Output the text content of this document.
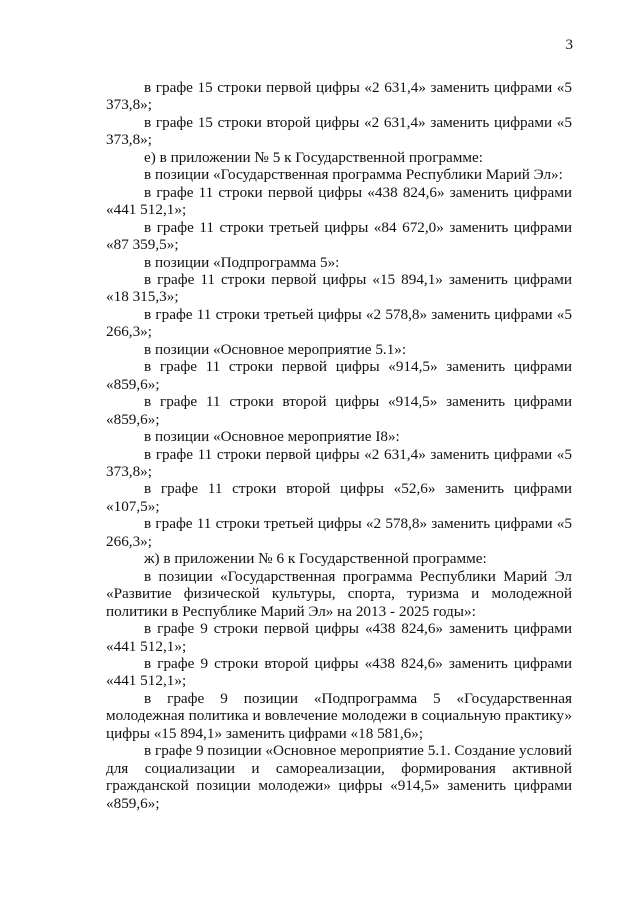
3

в графе 15 строки первой цифры «2 631,4» заменить цифрами «5 373,8»;

в графе 15 строки второй цифры «2 631,4» заменить цифрами «5 373,8»;

е) в приложении № 5 к Государственной программе:

в позиции «Государственная программа Республики Марий Эл»:

в графе 11 строки первой цифры «438 824,6» заменить цифрами «441 512,1»;

в графе 11 строки третьей цифры «84 672,0» заменить цифрами «87 359,5»;

в позиции «Подпрограмма 5»:

в графе 11 строки первой цифры «15 894,1» заменить цифрами «18 315,3»;

в графе 11 строки третьей цифры «2 578,8» заменить цифрами «5 266,3»;

в позиции «Основное мероприятие 5.1»:

в графе 11 строки первой цифры «914,5» заменить цифрами «859,6»;

в графе 11 строки второй цифры «914,5» заменить цифрами «859,6»;

в позиции «Основное мероприятие I8»:

в графе 11 строки первой цифры «2 631,4» заменить цифрами «5 373,8»;

в графе 11 строки второй цифры «52,6» заменить цифрами «107,5»;

в графе 11 строки третьей цифры «2 578,8» заменить цифрами «5 266,3»;

ж) в приложении № 6 к Государственной программе:

в позиции «Государственная программа Республики Марий Эл «Развитие физической культуры, спорта, туризма и молодежной политики в Республике Марий Эл» на 2013 - 2025 годы»:

в графе 9 строки первой цифры «438 824,6» заменить цифрами «441 512,1»;

в графе 9 строки второй цифры «438 824,6» заменить цифрами «441 512,1»;

в графе 9 позиции «Подпрограмма 5 «Государственная молодежная политика и вовлечение молодежи в социальную практику» цифры «15 894,1» заменить цифрами «18 581,6»;

в графе 9 позиции «Основное мероприятие 5.1. Создание условий для социализации и самореализации, формирования активной гражданской позиции молодежи» цифры «914,5» заменить цифрами «859,6»;
